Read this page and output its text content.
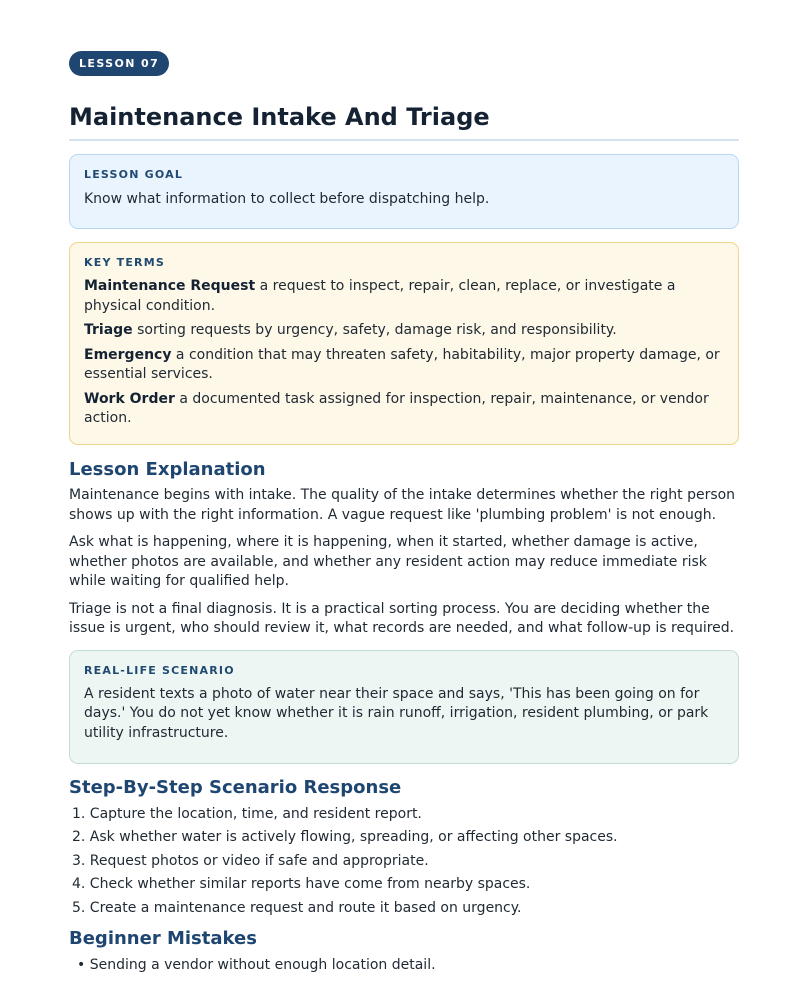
LESSON 07
Maintenance Intake And Triage
LESSON GOAL
Know what information to collect before dispatching help.
KEY TERMS

Maintenance Request a request to inspect, repair, clean, replace, or investigate a physical condition.

Triage sorting requests by urgency, safety, damage risk, and responsibility.

Emergency a condition that may threaten safety, habitability, major property damage, or essential services.

Work Order a documented task assigned for inspection, repair, maintenance, or vendor action.

Lesson Explanation

Maintenance begins with intake. The quality of the intake determines whether the right person shows up with the right information. A vague request like 'plumbing problem' is not enough.

Ask what is happening, where it is happening, when it started, whether damage is active, whether photos are available, and whether any resident action may reduce immediate risk while waiting for qualified help.

Triage is not a final diagnosis. It is a practical sorting process. You are deciding whether the issue is urgent, who should review it, what records are needed, and what follow-up is required.

REAL-LIFE SCENARIO
A resident texts a photo of water near their space and says, 'This has been going on for days.' You do not yet know whether it is rain runoff, irrigation, resident plumbing, or park utility infrastructure.
Step-By-Step Scenario Response
1. Capture the location, time, and resident report.
2. Ask whether water is actively flowing, spreading, or affecting other spaces.
3. Request photos or video if safe and appropriate.
4. Check whether similar reports have come from nearby spaces.
5. Create a maintenance request and route it based on urgency.
Beginner Mistakes
• Sending a vendor without enough location detail.
